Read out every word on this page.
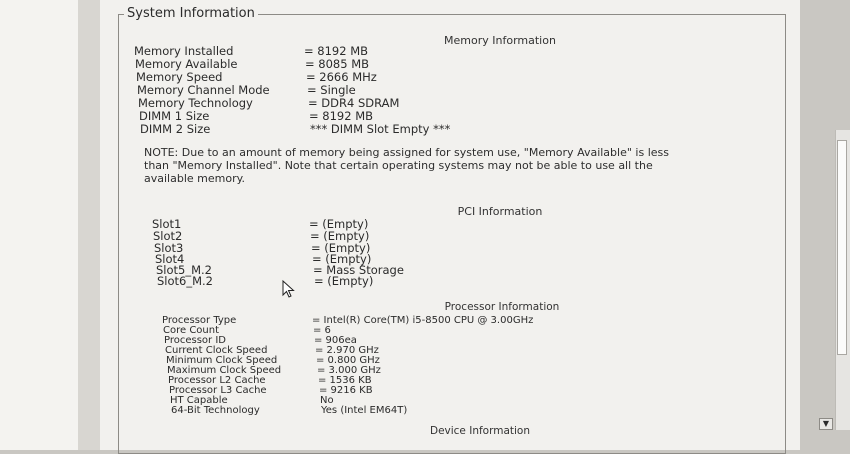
System Information
Memory Information
Memory Installed	= 8192 MB
Memory Available	= 8085 MB
Memory Speed	= 2666 MHz
Memory Channel Mode	= Single
Memory Technology	= DDR4 SDRAM
DIMM 1 Size	= 8192 MB
DIMM 2 Size	*** DIMM Slot Empty ***
NOTE: Due to an amount of memory being assigned for system use, "Memory Available" is less
than "Memory Installed". Note that certain operating systems may not be able to use all the
available memory.
PCI Information
Slot1	= (Empty)
Slot2	= (Empty)
Slot3	= (Empty)
Slot4	= (Empty)
Slot5_M.2	= Mass Storage
Slot6_M.2	= (Empty)
Processor Information
Processor Type	= Intel(R) Core(TM) i5-8500 CPU @ 3.00GHz
Core Count	= 6
Processor ID	= 906ea
Current Clock Speed	= 2.970 GHz
Minimum Clock Speed	= 0.800 GHz
Maximum Clock Speed	= 3.000 GHz
Processor L2 Cache	= 1536 KB
Processor L3 Cache	= 9216 KB
HT Capable	No
64-Bit Technology	Yes (Intel EM64T)
Device Information
▼
